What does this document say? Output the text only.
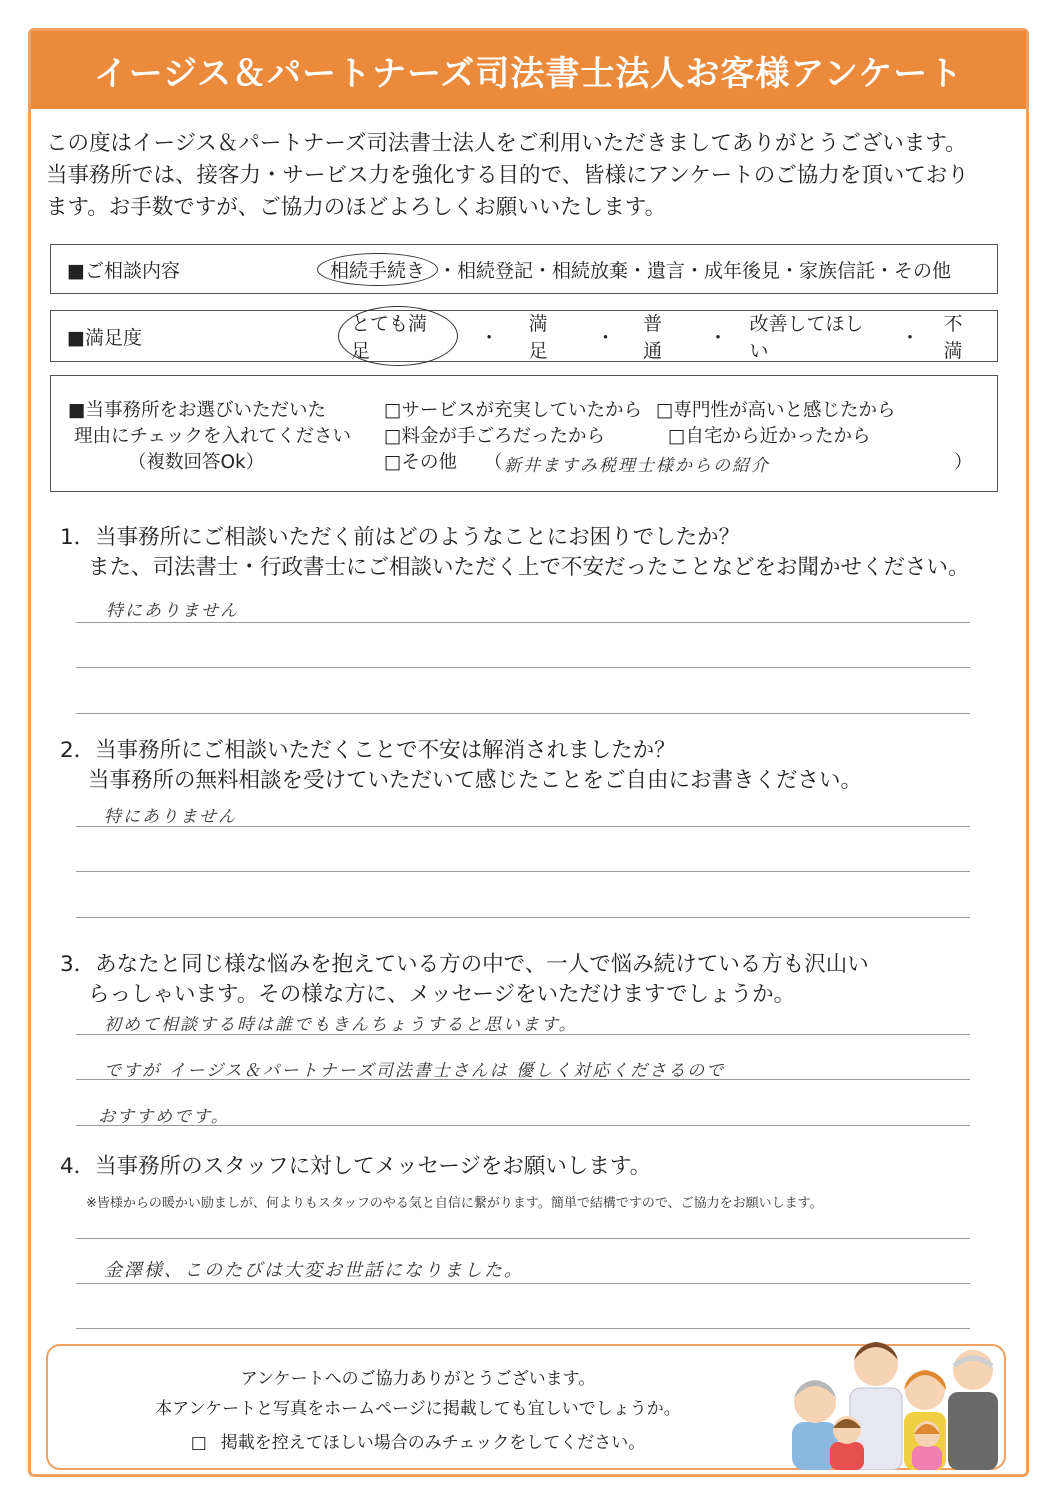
イージス＆パートナーズ司法書士法人お客様アンケート
この度はイージス＆パートナーズ司法書士法人をご利用いただきましてありがとうございます。
当事務所では、接客力・サービス力を強化する目的で、皆様にアンケートのご協力を頂いており
ます。お手数ですが、ご協力のほどよろしくお願いいたします。
■ご相談内容	相続手続き ・相続登記・相続放棄・遺言・成年後見・家族信託・その他
■満足度
とても満足
・
満足
・
普通
・
改善してほしい
・
不満
■当事務所をお選びいただいた
理由にチェックを入れてください
（複数回答Ok）
□サービスが充実していたから □専門性が高いと感じたから
□料金が手ごろだったから	□自宅から近かったから
□その他 （ 新井ますみ税理士様からの紹介	）
1．当事務所にご相談いただく前はどのようなことにお困りでしたか？
また、司法書士・行政書士にご相談いただく上で不安だったことなどをお聞かせください。
特にありません
2．当事務所にご相談いただくことで不安は解消されましたか？
当事務所の無料相談を受けていただいて感じたことをご自由にお書きください。
特にありません
3．あなたと同じ様な悩みを抱えている方の中で、一人で悩み続けている方も沢山い
らっしゃいます。その様な方に、メッセージをいただけますでしょうか。
初めて相談する時は誰でもきんちょうすると思います。
ですが イージス＆パートナーズ司法書士さんは 優しく対応くださるので
おすすめです。
4．当事務所のスタッフに対してメッセージをお願いします。
※皆様からの暖かい励ましが、何よりもスタッフのやる気と自信に繋がります。簡単で結構ですので、ご協力をお願いします。
金澤様、このたびは大変お世話になりました。
アンケートへのご協力ありがとうございます。
本アンケートと写真をホームページに掲載しても宜しいでしょうか。
□ 掲載を控えてほしい場合のみチェックをしてください。
